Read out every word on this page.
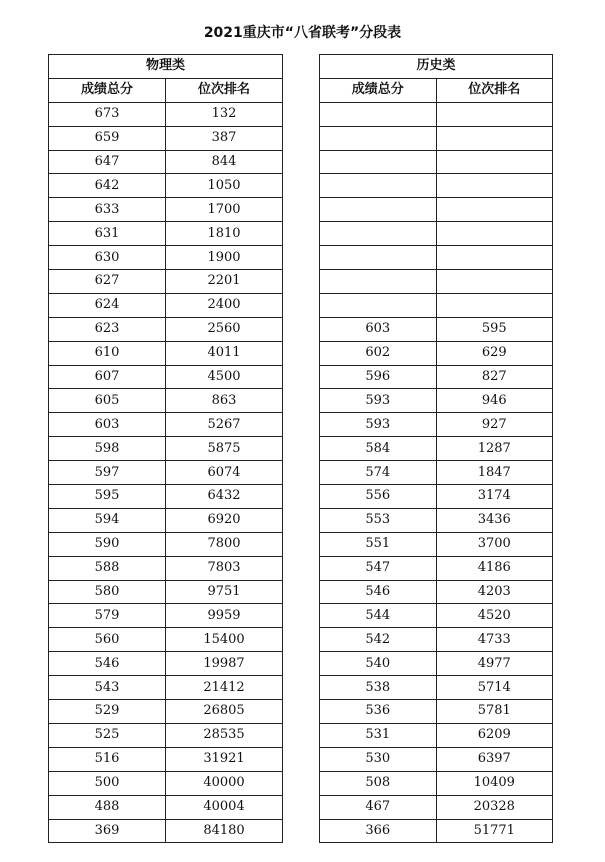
2021重庆市“八省联考”分段表
物理类	
成绩总分	位次排名
673	132
659	387
647	844
642	1050
633	1700
631	1810
630	1900
627	2201
624	2400
623	2560
610	4011
607	4500
605	863
603	5267
598	5875
597	6074
595	6432
594	6920
590	7800
588	7803
580	9751
579	9959
560	15400
546	19987
543	21412
529	26805
525	28535
516	31921
500	40000
488	40004
369	84180
历史类	
成绩总分	位次排名

603	595
602	629
596	827
593	946
593	927
584	1287
574	1847
556	3174
553	3436
551	3700
547	4186
546	4203
544	4520
542	4733
540	4977
538	5714
536	5781
531	6209
530	6397
508	10409
467	20328
366	51771
